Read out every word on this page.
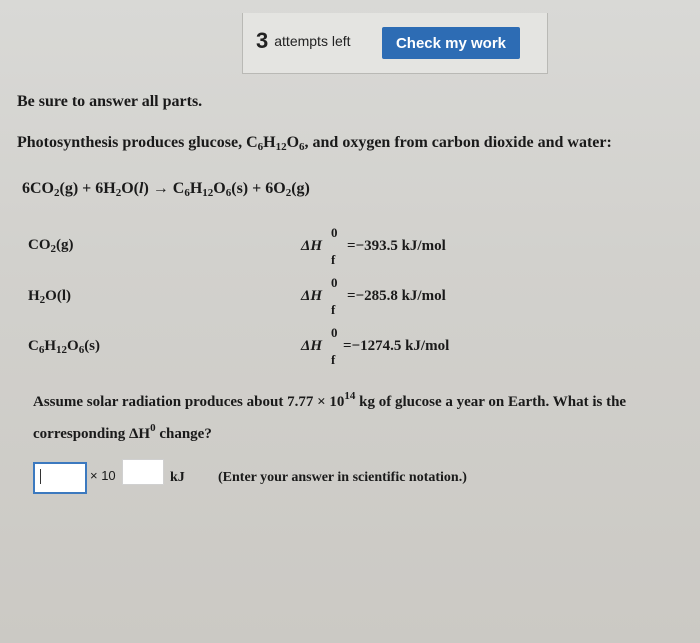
3 attempts left	Check my work
Be sure to answer all parts.
Photosynthesis produces glucose, $C_6H_{12}O_6$, and oxygen from carbon dioxide and water:
$6CO_2(g) + 6H_2O(l) \to C_6H_{12}O_6(s) + 6O_2(g)$
$CO_2(g)$	ΔH
0
f
=−393.5 kJ/mol
$H_2O(l)$	ΔH
0
f
=−285.8 kJ/mol
$C_6H_{12}O_6(s)$	ΔH
0
f
=−1274.5 kJ/mol
Assume solar radiation produces about $7.77 \times 10^{14}$ kg of glucose a year on Earth. What is the
corresponding $\Delta H^0$ change?
× 10	kJ (Enter your answer in scientific notation.)
